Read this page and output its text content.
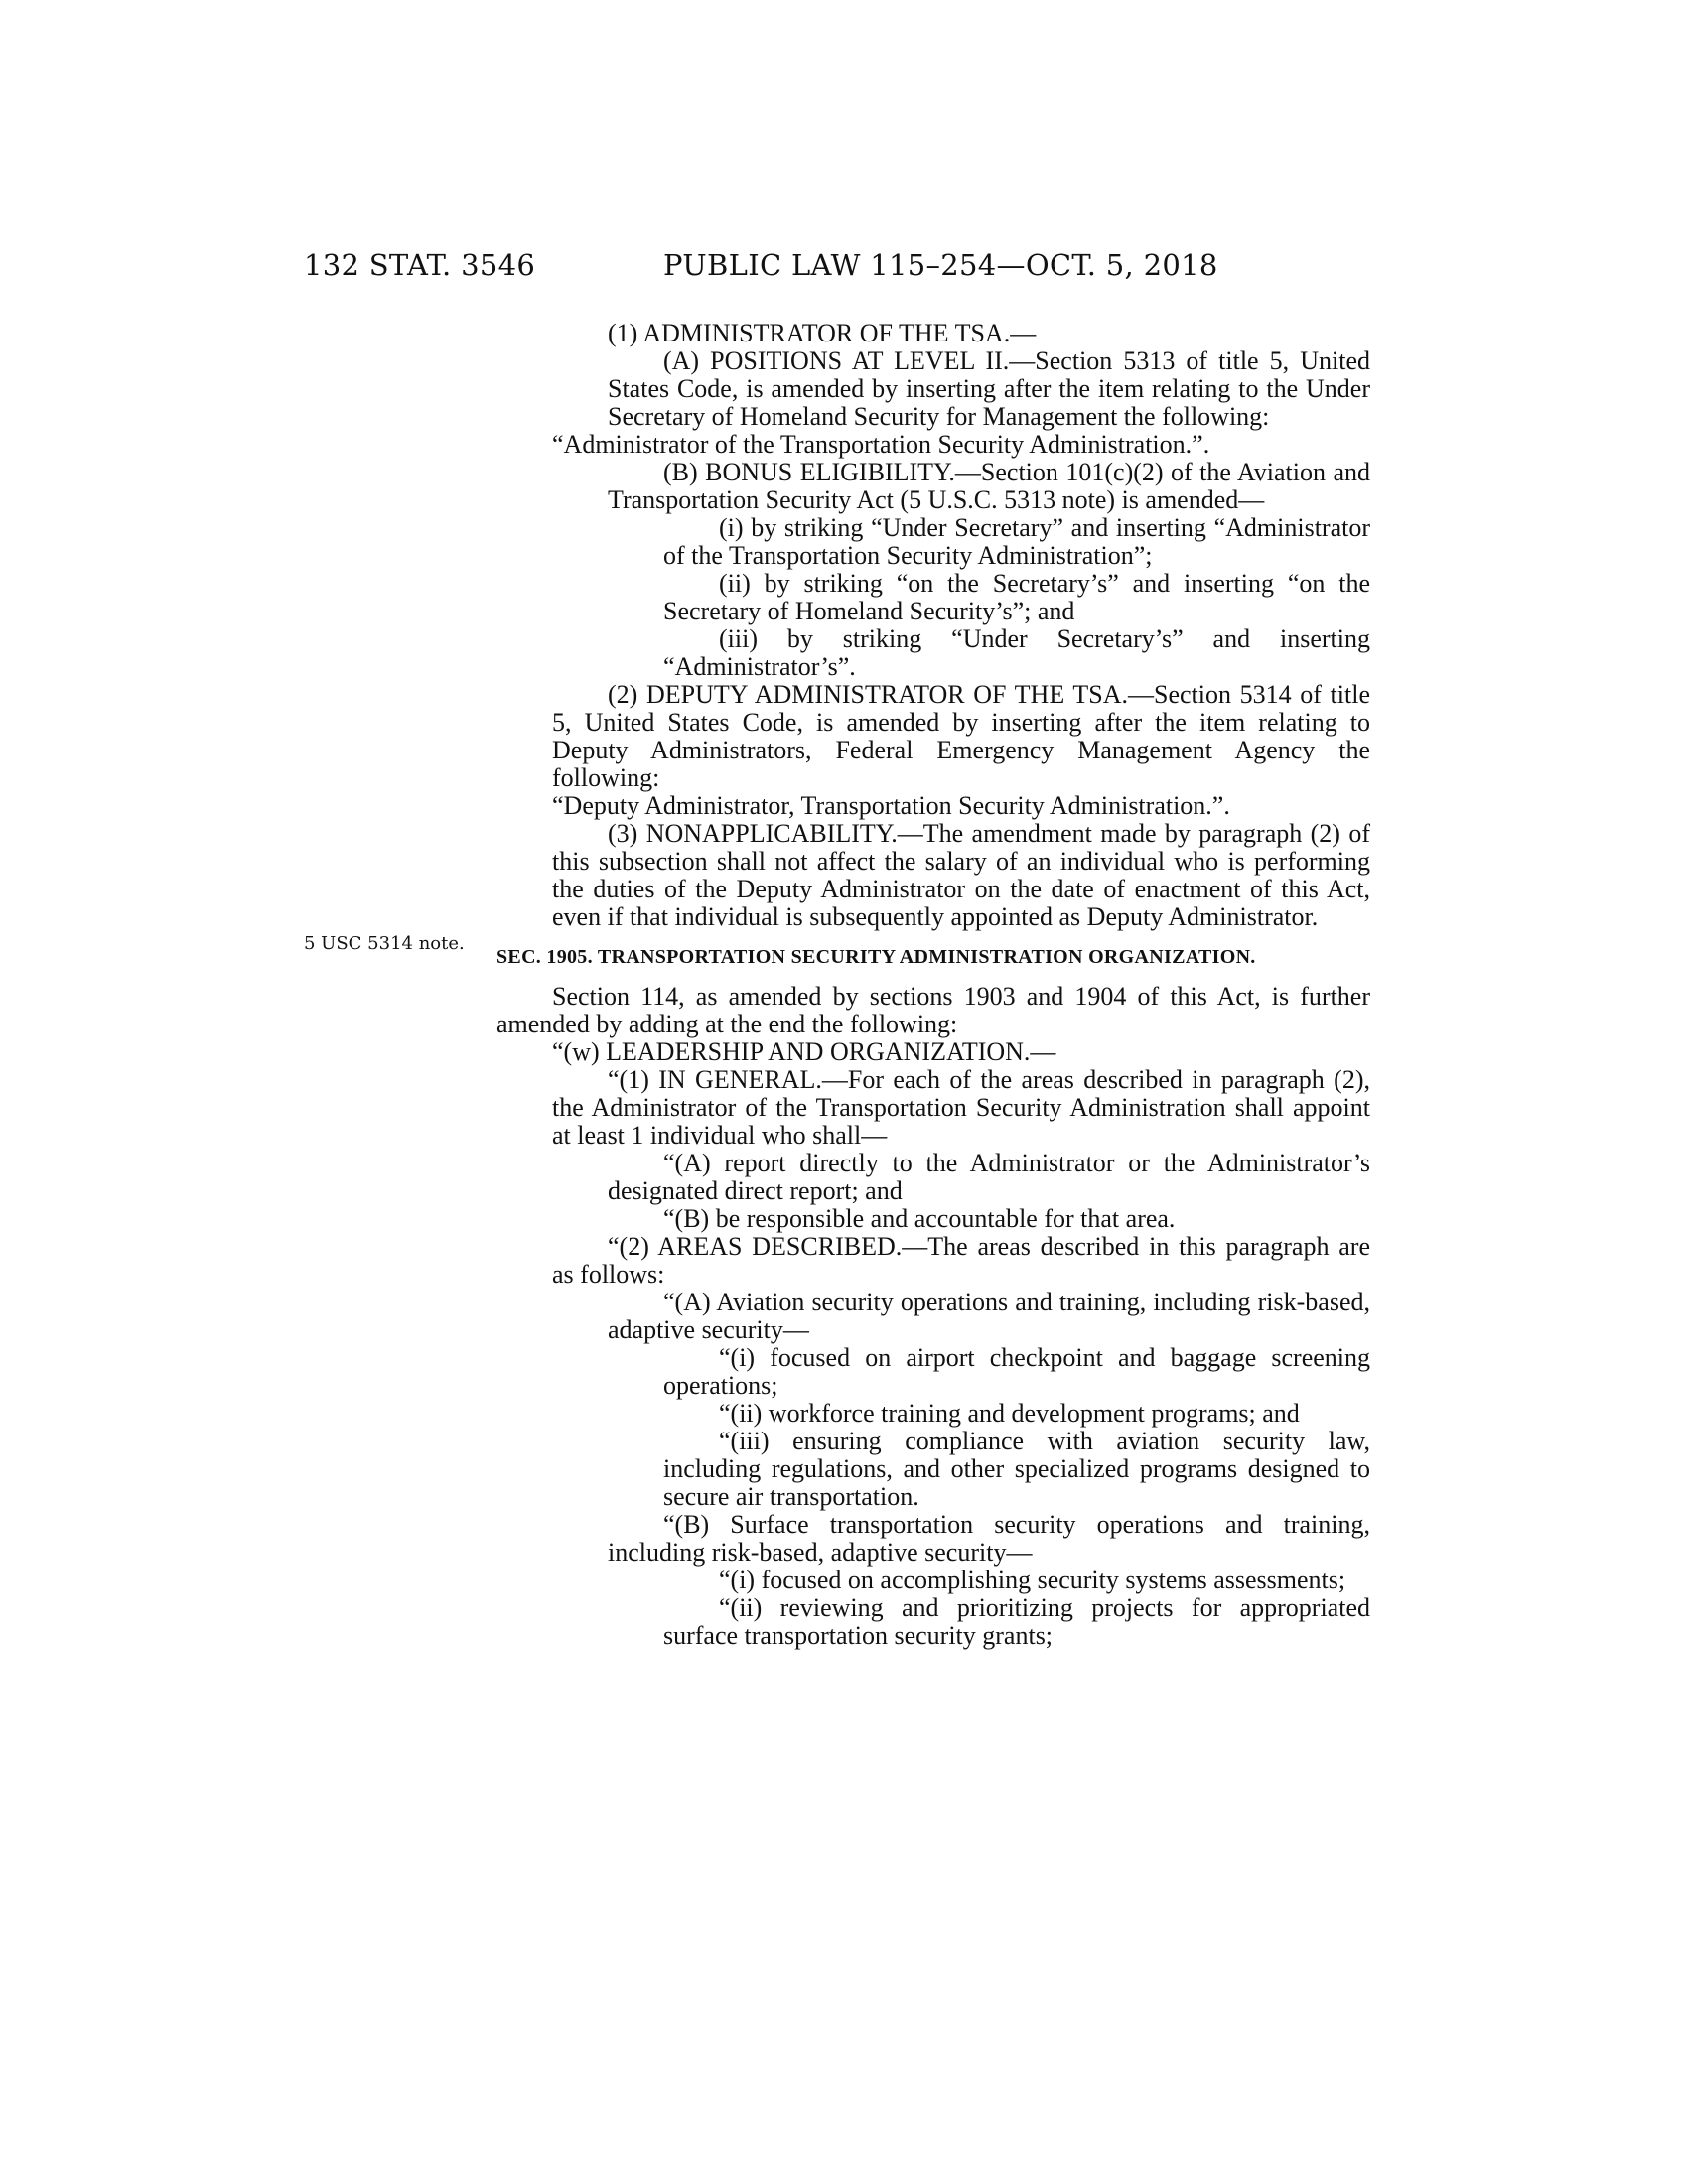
132 STAT. 3546	PUBLIC LAW 115–254—OCT. 5, 2018
5 USC 5314 note.

(1) ADMINISTRATOR OF THE TSA.—

(A) POSITIONS AT LEVEL II.—Section 5313 of title 5, United States Code, is amended by inserting after the item relating to the Under Secretary of Homeland Security for Management the following:

“Administrator of the Transportation Security Administration.”.

(B) BONUS ELIGIBILITY.—Section 101(c)(2) of the Aviation and Transportation Security Act (5 U.S.C. 5313 note) is amended—

(i) by striking “Under Secretary” and inserting “Administrator of the Transportation Security Administration”;

(ii) by striking “on the Secretary’s” and inserting “on the Secretary of Homeland Security’s”; and

(iii) by striking “Under Secretary’s” and inserting “Administrator’s”.

(2) DEPUTY ADMINISTRATOR OF THE TSA.—Section 5314 of title 5, United States Code, is amended by inserting after the item relating to Deputy Administrators, Federal Emergency Management Agency the following:

“Deputy Administrator, Transportation Security Administration.”.

(3) NONAPPLICABILITY.—The amendment made by paragraph (2) of this subsection shall not affect the salary of an individual who is performing the duties of the Deputy Administrator on the date of enactment of this Act, even if that individual is subsequently appointed as Deputy Administrator.

SEC. 1905. TRANSPORTATION SECURITY ADMINISTRATION ORGANIZATION.

Section 114, as amended by sections 1903 and 1904 of this Act, is further amended by adding at the end the following:

“(w) LEADERSHIP AND ORGANIZATION.—

“(1) IN GENERAL.—For each of the areas described in paragraph (2), the Administrator of the Transportation Security Administration shall appoint at least 1 individual who shall—

“(A) report directly to the Administrator or the Administrator’s designated direct report; and

“(B) be responsible and accountable for that area.

“(2) AREAS DESCRIBED.—The areas described in this paragraph are as follows:

“(A) Aviation security operations and training, including risk-based, adaptive security—

“(i) focused on airport checkpoint and baggage screening operations;

“(ii) workforce training and development programs; and

“(iii) ensuring compliance with aviation security law, including regulations, and other specialized programs designed to secure air transportation.

“(B) Surface transportation security operations and training, including risk-based, adaptive security—

“(i) focused on accomplishing security systems assessments;

“(ii) reviewing and prioritizing projects for appropriated surface transportation security grants;
